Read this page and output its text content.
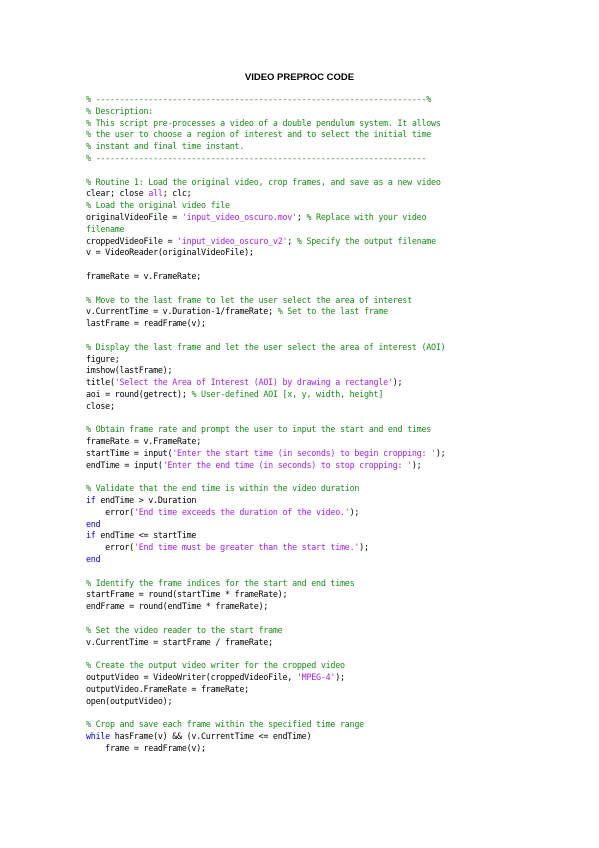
VIDEO PREPROC CODE
% ---------------------------------------------------------------------%
% Description:
% This script pre-processes a video of a double pendulum system. It allows
% the user to choose a region of interest and to select the initial time
% instant and final time instant.
% ---------------------------------------------------------------------

% Routine 1: Load the original video, crop frames, and save as a new video
clear; close all; clc;
% Load the original video file
originalVideoFile = 'input_video_oscuro.mov'; % Replace with your video
filename
croppedVideoFile = 'input_video_oscuro_v2'; % Specify the output filename
v = VideoReader(originalVideoFile);

frameRate = v.FrameRate;

% Move to the last frame to let the user select the area of interest
v.CurrentTime = v.Duration-1/frameRate; % Set to the last frame
lastFrame = readFrame(v);

% Display the last frame and let the user select the area of interest (AOI)
figure;
imshow(lastFrame);
title('Select the Area of Interest (AOI) by drawing a rectangle');
aoi = round(getrect); % User-defined AOI [x, y, width, height]
close;

% Obtain frame rate and prompt the user to input the start and end times
frameRate = v.FrameRate;
startTime = input('Enter the start time (in seconds) to begin cropping: ');
endTime = input('Enter the end time (in seconds) to stop cropping: ');

% Validate that the end time is within the video duration
if endTime > v.Duration
error('End time exceeds the duration of the video.');
end
if endTime <= startTime
error('End time must be greater than the start time.');
end

% Identify the frame indices for the start and end times
startFrame = round(startTime * frameRate);
endFrame = round(endTime * frameRate);

% Set the video reader to the start frame
v.CurrentTime = startFrame / frameRate;

% Create the output video writer for the cropped video
outputVideo = VideoWriter(croppedVideoFile, 'MPEG-4');
outputVideo.FrameRate = frameRate;
open(outputVideo);

% Crop and save each frame within the specified time range
while hasFrame(v) && (v.CurrentTime <= endTime)
frame = readFrame(v);
